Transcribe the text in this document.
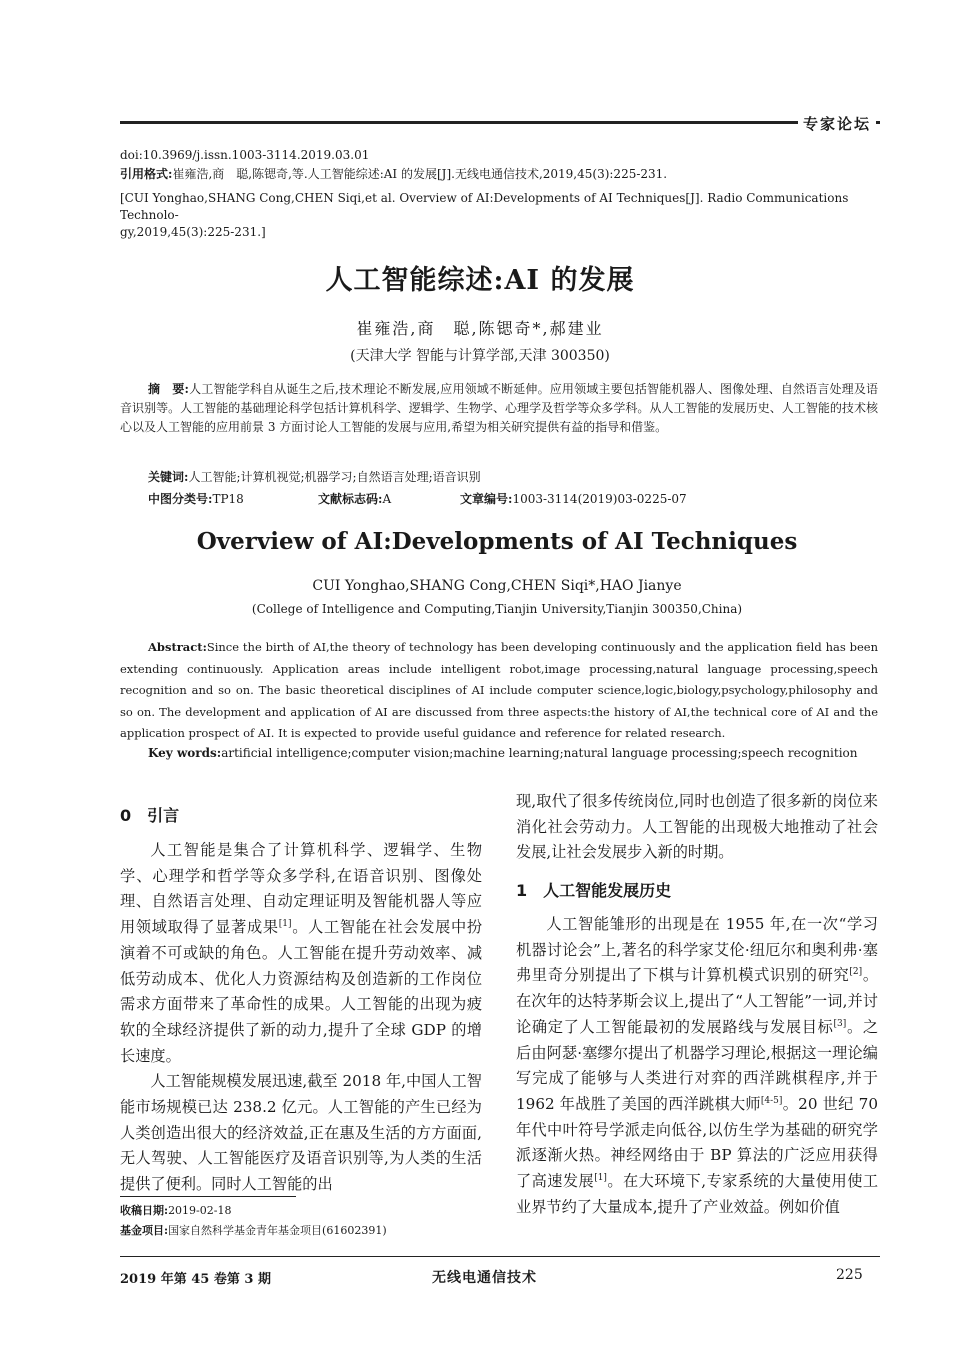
专家论坛
doi:10.3969/j.issn.1003-3114.2019.03.01
引用格式:崔雍浩,商　聪,陈锶奇,等.人工智能综述:AI 的发展[J].无线电通信技术,2019,45(3):225-231.
[CUI Yonghao,SHANG Cong,CHEN Siqi,et al. Overview of AI:Developments of AI Techniques[J]. Radio Communications Technolo-
gy,2019,45(3):225-231.]
人工智能综述:AI 的发展
崔雍浩,商　聪,陈锶奇*,郝建业
(天津大学 智能与计算学部,天津 300350)
摘　要:人工智能学科自从诞生之后,技术理论不断发展,应用领域不断延伸。应用领域主要包括智能机器人、图像处理、自然语言处理及语音识别等。人工智能的基础理论科学包括计算机科学、逻辑学、生物学、心理学及哲学等众多学科。从人工智能的发展历史、人工智能的技术核心以及人工智能的应用前景 3 方面讨论人工智能的发展与应用,希望为相关研究提供有益的指导和借鉴。
关键词:人工智能;计算机视觉;机器学习;自然语言处理;语音识别
中图分类号:TP18	文献标志码:A	文章编号:1003-3114(2019)03-0225-07
Overview of AI:Developments of AI Techniques
CUI Yonghao,SHANG Cong,CHEN Siqi*,HAO Jianye
(College of Intelligence and Computing,Tianjin University,Tianjin 300350,China)
Abstract:Since the birth of AI,the theory of technology has been developing continuously and the application field has been extending continuously. Application areas include intelligent robot,image processing,natural language processing,speech recognition and so on. The basic theoretical disciplines of AI include computer science,logic,biology,psychology,philosophy and so on. The development and application of AI are discussed from three aspects:the history of AI,the technical core of AI and the application prospect of AI. It is expected to provide useful guidance and reference for related research.
Key words:artificial intelligence;computer vision;machine learning;natural language processing;speech recognition
0　引言

人工智能是集合了计算机科学、逻辑学、生物学、心理学和哲学等众多学科,在语音识别、图像处理、自然语言处理、自动定理证明及智能机器人等应用领域取得了显著成果[1]。人工智能在社会发展中扮演着不可或缺的角色。人工智能在提升劳动效率、减低劳动成本、优化人力资源结构及创造新的工作岗位需求方面带来了革命性的成果。人工智能的出现为疲软的全球经济提供了新的动力,提升了全球 GDP 的增长速度。

人工智能规模发展迅速,截至 2018 年,中国人工智能市场规模已达 238.2 亿元。人工智能的产生已经为人类创造出很大的经济效益,正在惠及生活的方方面面,无人驾驶、人工智能医疗及语音识别等,为人类的生活提供了便利。同时人工智能的出

收稿日期:2019-02-18
基金项目:国家自然科学基金青年基金项目(61602391)

现,取代了很多传统岗位,同时也创造了很多新的岗位来消化社会劳动力。人工智能的出现极大地推动了社会发展,让社会发展步入新的时期。

1　人工智能发展历史

人工智能雏形的出现是在 1955 年,在一次“学习机器讨论会”上,著名的科学家艾伦·纽厄尔和奥利弗·塞弗里奇分别提出了下棋与计算机模式识别的研究[2]。在次年的达特茅斯会议上,提出了“人工智能”一词,并讨论确定了人工智能最初的发展路线与发展目标[3]。之后由阿瑟·塞缪尔提出了机器学习理论,根据这一理论编写完成了能够与人类进行对弈的西洋跳棋程序,并于 1962 年战胜了美国的西洋跳棋大师[4-5]。20 世纪 70 年代中叶符号学派走向低谷,以仿生学为基础的研究学派逐渐火热。神经网络由于 BP 算法的广泛应用获得了高速发展[1]。在大环境下,专家系统的大量使用使工业界节约了大量成本,提升了产业效益。例如价值

2019 年第 45 卷第 3 期	无线电通信技术	225
